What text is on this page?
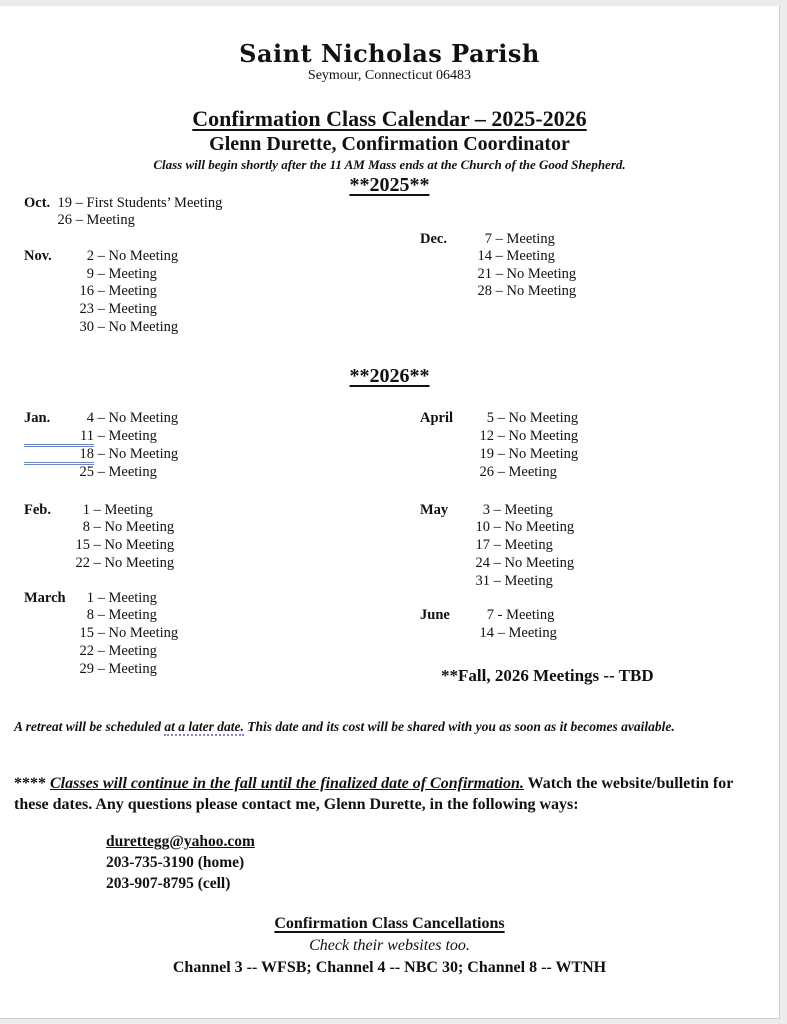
Saint Nicholas Parish
Seymour, Connecticut 06483
Confirmation Class Calendar – 2025-2026
Glenn Durette, Confirmation Coordinator
Class will begin shortly after the 11 AM Mass ends at the Church of the Good Shepherd.
**2025**
Oct. 19 – First Students’ Meeting
26 – Meeting
Nov.	2 – No Meeting
9 – Meeting
16 – Meeting
23 – Meeting
30 – No Meeting
Dec.	7 – Meeting
14 – Meeting
21 – No Meeting
28 – No Meeting
**2026**
Jan.	4 – No Meeting
11 – Meeting
18 – No Meeting
25 – Meeting
Feb.	1 – Meeting
8 – No Meeting
15 – No Meeting
22 – No Meeting
March	1 – Meeting
8 – Meeting
15 – No Meeting
22 – Meeting
29 – Meeting
April	5 – No Meeting
12 – No Meeting
19 – No Meeting
26 – Meeting
May	3 – Meeting
10 – No Meeting
17 – Meeting
24 – No Meeting
31 – Meeting
June	7 - Meeting
14 – Meeting
**Fall, 2026 Meetings -- TBD
A retreat will be scheduled at a later date. This date and its cost will be shared with you as soon as it becomes available.
**** Classes will continue in the fall until the finalized date of Confirmation. Watch the website/bulletin for these dates. Any questions please contact me, Glenn Durette, in the following ways:
durettegg@yahoo.com
203-735-3190 (home)
203-907-8795 (cell)
Confirmation Class Cancellations
Check their websites too.
Channel 3 -- WFSB; Channel 4 -- NBC 30; Channel 8 -- WTNH
